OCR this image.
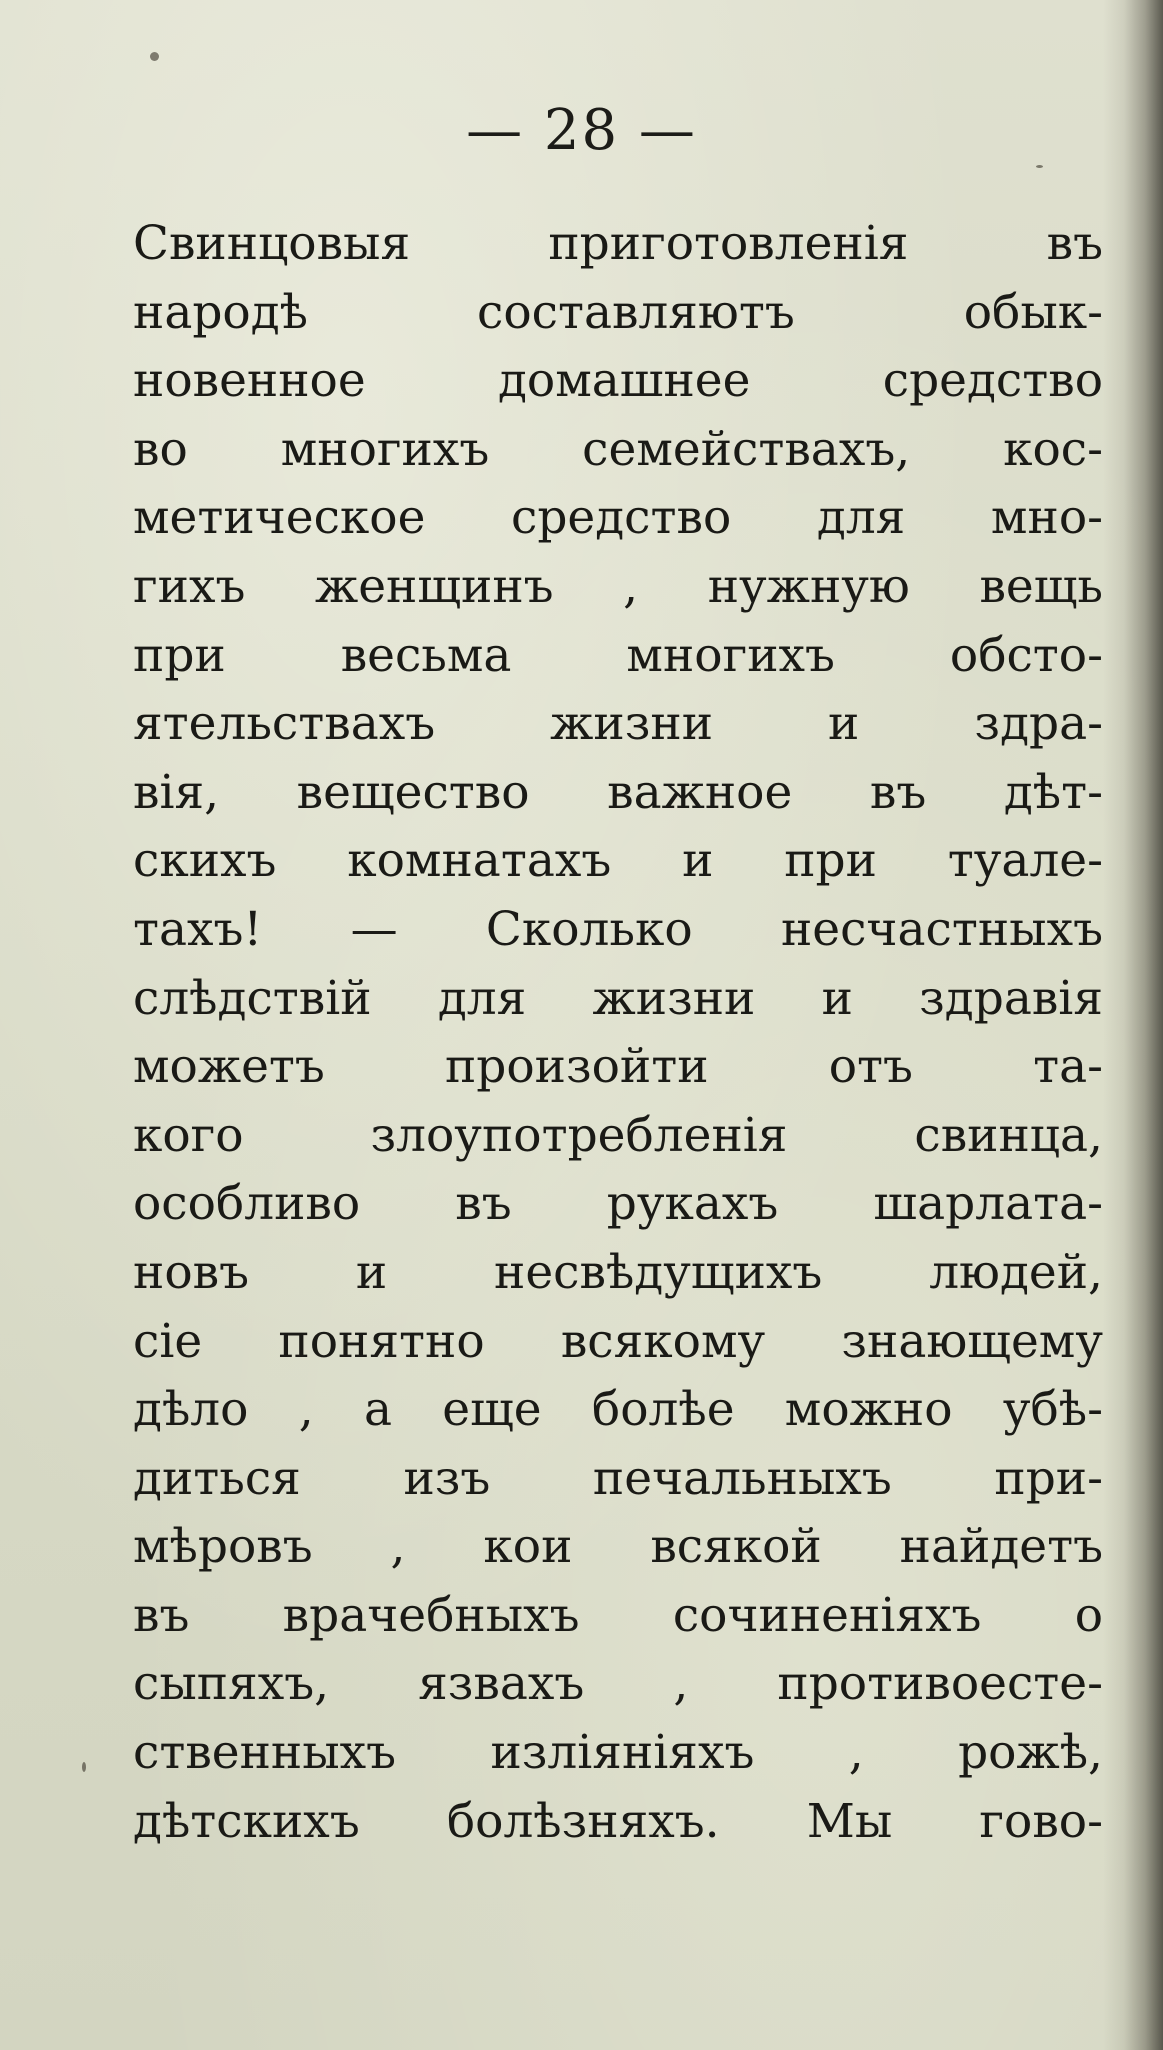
— 28 —
Свинцовыя приготовленія въ
народѣ составляютъ обык-
новенное домашнее средство
во многихъ семействахъ, кос-
метическое средство для мно-
гихъ женщинъ , нужную вещь
при весьма многихъ обсто-
ятельствахъ жизни и здра-
вія, вещество важное въ дѣт-
скихъ комнатахъ и при туале-
тахъ! — Сколько несчастныхъ
слѣдствій для жизни и здравія
можетъ произойти отъ та-
кого злоупотребленія свинца,
особливо въ рукахъ шарлата-
новъ и несвѣдущихъ людей,
сіе понятно всякому знающему
дѣло , а еще болѣе можно убѣ-
диться изъ печальныхъ при-
мѣровъ , кои всякой найдетъ
въ врачебныхъ сочиненіяхъ о
сыпяхъ, язвахъ , противоесте-
ственныхъ изліяніяхъ , рожѣ,
дѣтскихъ болѣзняхъ. Мы гово-
